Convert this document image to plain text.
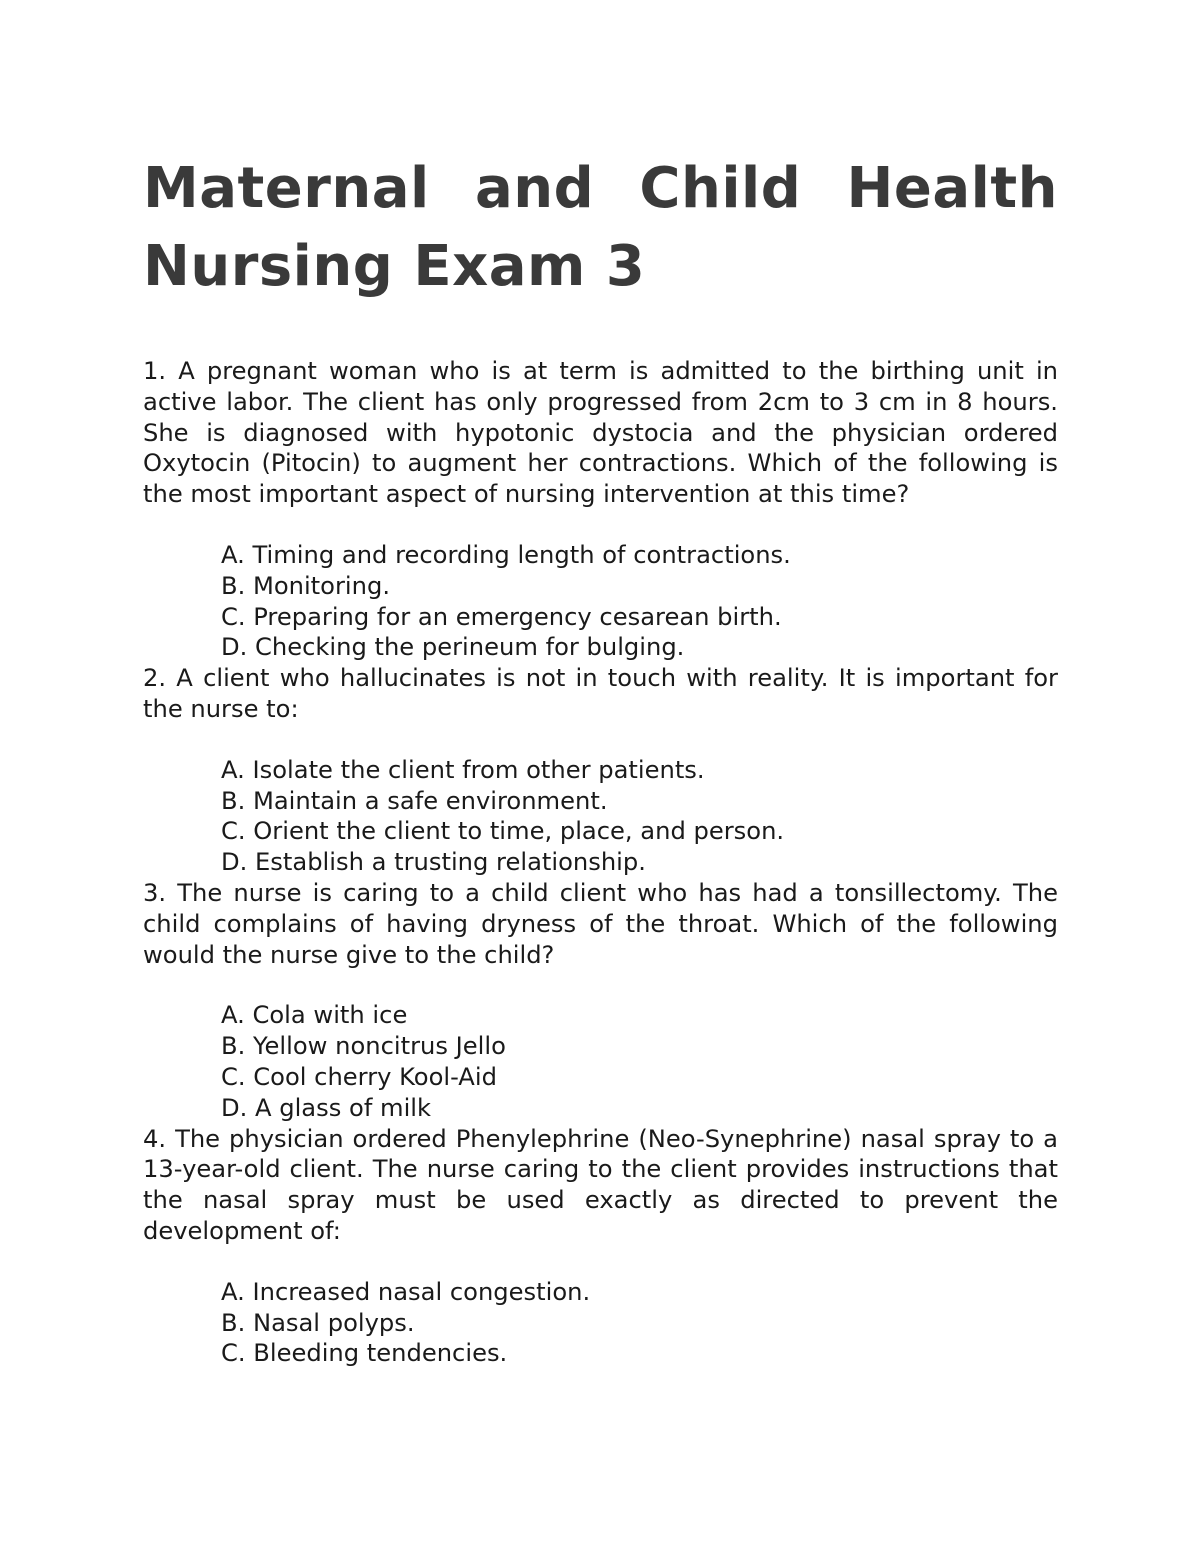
Maternal and Child Health
Nursing Exam 3

1. A pregnant woman who is at term is admitted to the birthing unit in active labor. The client has only progressed from 2cm to 3 cm in 8 hours. She is diagnosed with hypotonic dystocia and the physician ordered Oxytocin (Pitocin) to augment her contractions. Which of the following is the most important aspect of nursing intervention at this time?

A. Timing and recording length of contractions.
B. Monitoring.
C. Preparing for an emergency cesarean birth.
D. Checking the perineum for bulging.

2. A client who hallucinates is not in touch with reality. It is important for the nurse to:

A. Isolate the client from other patients.
B. Maintain a safe environment.
C. Orient the client to time, place, and person.
D. Establish a trusting relationship.

3. The nurse is caring to a child client who has had a tonsillectomy. The child complains of having dryness of the throat. Which of the following would the nurse give to the child?

A. Cola with ice
B. Yellow noncitrus Jello
C. Cool cherry Kool-Aid
D. A glass of milk

4. The physician ordered Phenylephrine (Neo-Synephrine) nasal spray to a 13-year-old client. The nurse caring to the client provides instructions that the nasal spray must be used exactly as directed to prevent the development of:

A. Increased nasal congestion.
B. Nasal polyps.
C. Bleeding tendencies.
